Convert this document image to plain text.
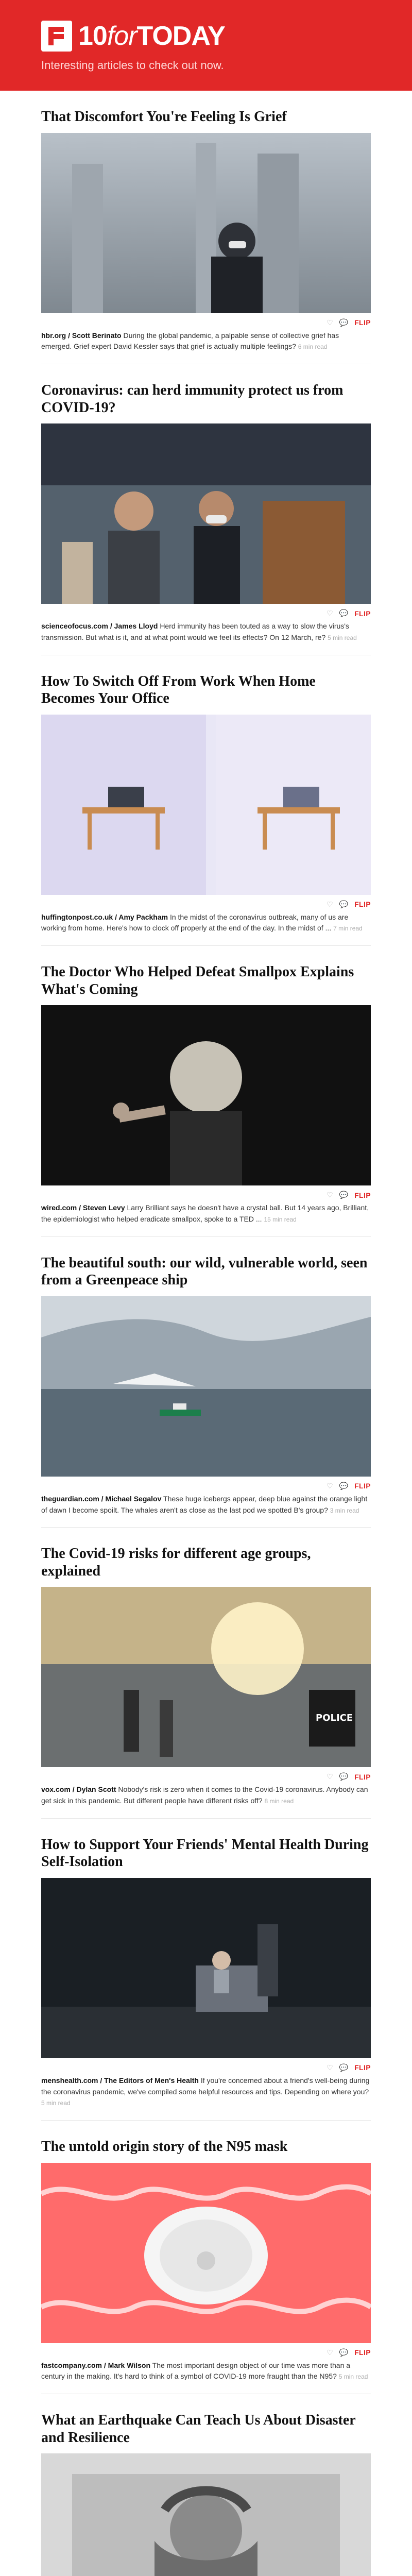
10forTODAY
Interesting articles to check out now.
That Discomfort You're Feeling Is Grief
♡ 💬 FLIP
hbr.org / Scott Berinato During the global pandemic, a palpable sense of collective grief has emerged. Grief expert David Kessler says that grief is actually multiple feelings? 6 min read
Coronavirus: can herd immunity protect us from COVID-19?
♡ 💬 FLIP
scienceofocus.com / James Lloyd Herd immunity has been touted as a way to slow the virus's transmission. But what is it, and at what point would we feel its effects? On 12 March, re? 5 min read
How To Switch Off From Work When Home Becomes Your Office
♡ 💬 FLIP
huffingtonpost.co.uk / Amy Packham In the midst of the coronavirus outbreak, many of us are working from home. Here's how to clock off properly at the end of the day. In the midst of ... 7 min read
The Doctor Who Helped Defeat Smallpox Explains What's Coming
♡ 💬 FLIP
wired.com / Steven Levy Larry Brilliant says he doesn't have a crystal ball. But 14 years ago, Brilliant, the epidemiologist who helped eradicate smallpox, spoke to a TED ... 15 min read
The beautiful south: our wild, vulnerable world, seen from a Greenpeace ship
♡ 💬 FLIP
theguardian.com / Michael Segalov These huge icebergs appear, deep blue against the orange light of dawn I become spoilt. The whales aren't as close as the last pod we spotted B's group? 3 min read
The Covid-19 risks for different age groups, explained
POLICE
♡ 💬 FLIP
vox.com / Dylan Scott Nobody's risk is zero when it comes to the Covid-19 coronavirus. Anybody can get sick in this pandemic. But different people have different risks off? 8 min read
How to Support Your Friends' Mental Health During Self-Isolation
♡ 💬 FLIP
menshealth.com / The Editors of Men's Health If you're concerned about a friend's well-being during the coronavirus pandemic, we've compiled some helpful resources and tips. Depending on where you? 5 min read
The untold origin story of the N95 mask
♡ 💬 FLIP
fastcompany.com / Mark Wilson The most important design object of our time was more than a century in the making. It's hard to think of a symbol of COVID-19 more fraught than the N95? 5 min read
What an Earthquake Can Teach Us About Disaster and Resilience
